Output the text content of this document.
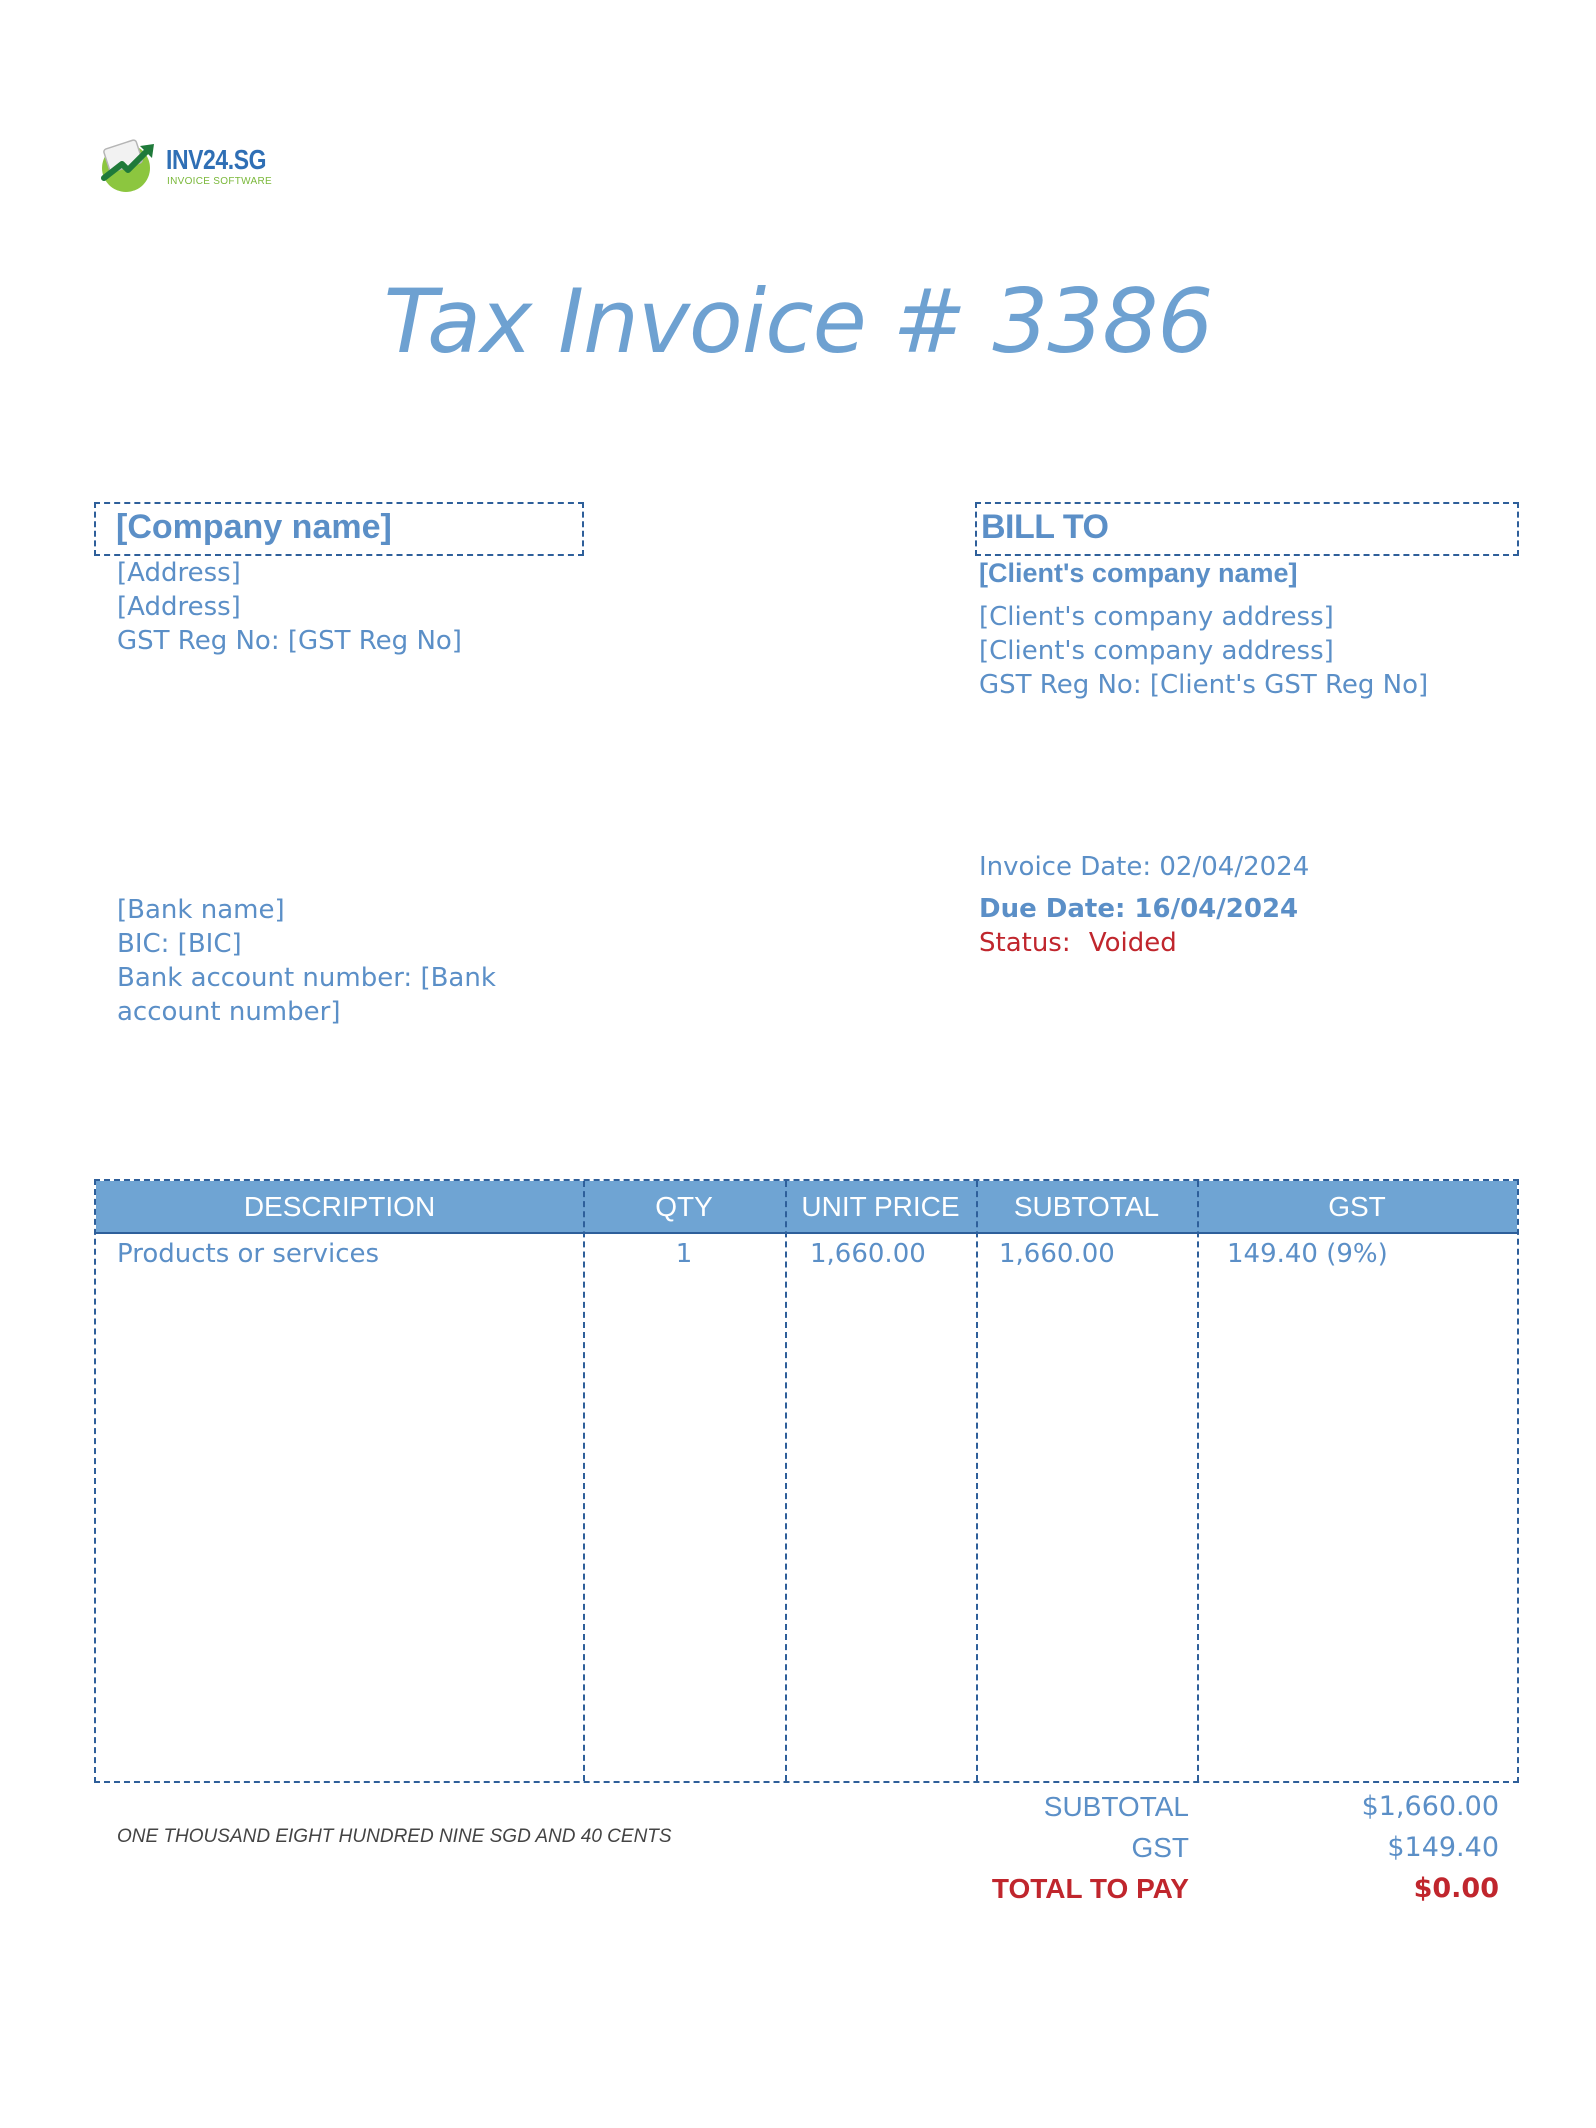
INV24.SG
INVOICE SOFTWARE
Tax Invoice # 3386
[Company name]
[Address]
[Address]
GST Reg No: [GST Reg No]
BILL TO
[Client's company name]
[Client's company address]
[Client's company address]
GST Reg No: [Client's GST Reg No]
[Bank name]
BIC: [BIC]
Bank account number: [Bank
account number]
Invoice Date: 02/04/2024
Due Date: 16/04/2024
Status: Voided
DESCRIPTION	QTY	UNIT PRICE	SUBTOTAL	GST
Products or services	1	1,660.00	1,660.00	149.40 (9%)
ONE THOUSAND EIGHT HUNDRED NINE SGD AND 40 CENTS
SUBTOTAL	$1,660.00
GST	$149.40
TOTAL TO PAY	$0.00
